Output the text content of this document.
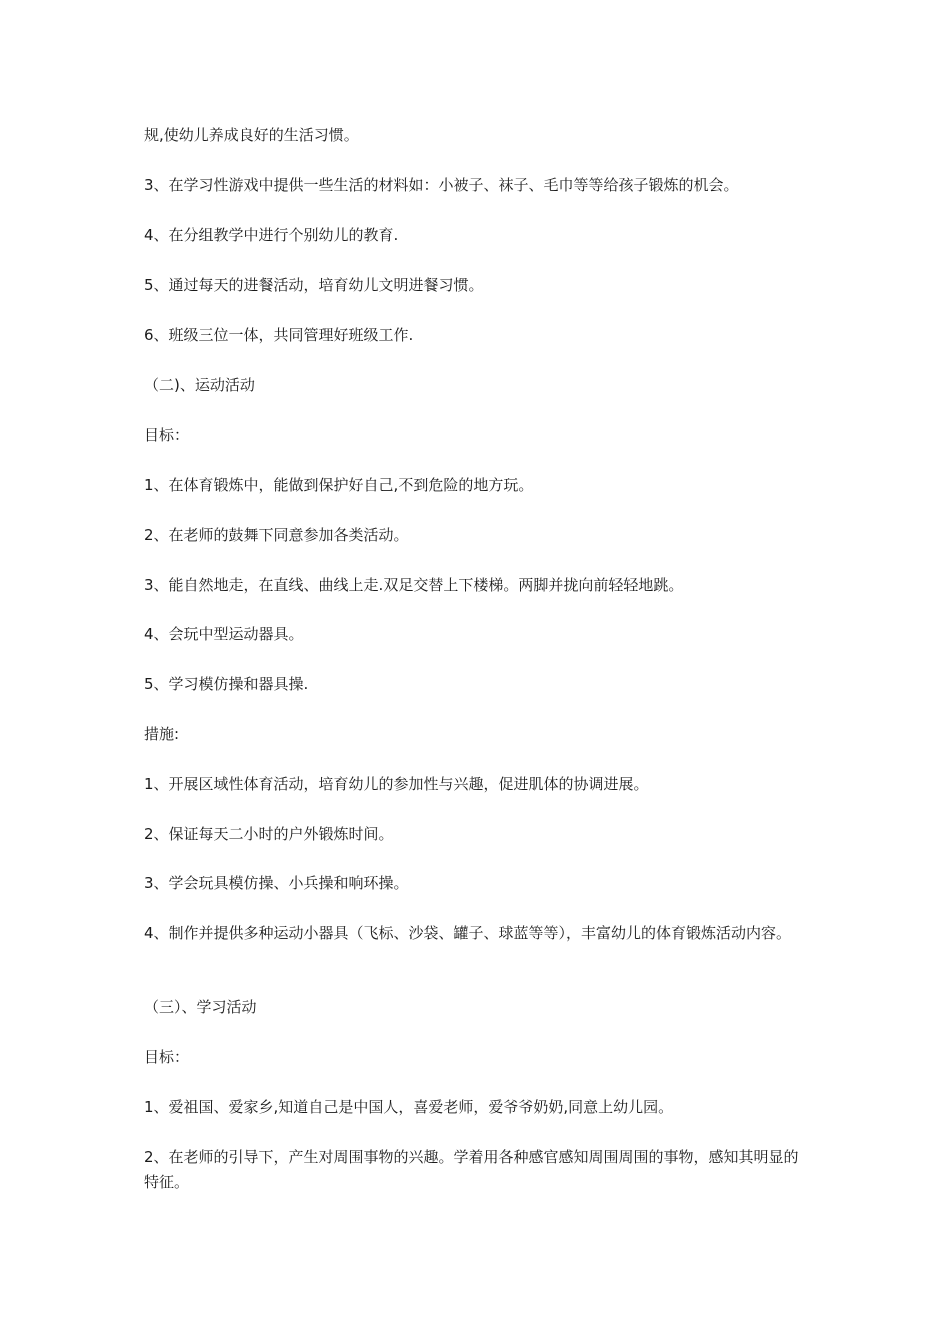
规,使幼儿养成良好的生活习惯。

3、在学习性游戏中提供一些生活的材料如：小被子、袜子、毛巾等等给孩子锻炼的机会。

4、在分组教学中进行个别幼儿的教育.

5、通过每天的进餐活动，培育幼儿文明进餐习惯。

6、班级三位一体，共同管理好班级工作.

（二)、运动活动

目标：

1、在体育锻炼中，能做到保护好自己,不到危险的地方玩。

2、在老师的鼓舞下同意参加各类活动。

3、能自然地走，在直线、曲线上走.双足交替上下楼梯。两脚并拢向前轻轻地跳。

4、会玩中型运动器具。

5、学习模仿操和器具操.

措施:

1、开展区域性体育活动，培育幼儿的参加性与兴趣，促进肌体的协调进展。

2、保证每天二小时的户外锻炼时间。

3、学会玩具模仿操、小兵操和响环操。

4、制作并提供多种运动小器具（飞标、沙袋、罐子、球蓝等等），丰富幼儿的体育锻炼活动内容。

（三）、学习活动

目标：

1、爱祖国、爱家乡,知道自己是中国人，喜爱老师，爱爷爷奶奶,同意上幼儿园。

2、在老师的引导下，产生对周围事物的兴趣。学着用各种感官感知周围周围的事物，感知其明显的特征。
